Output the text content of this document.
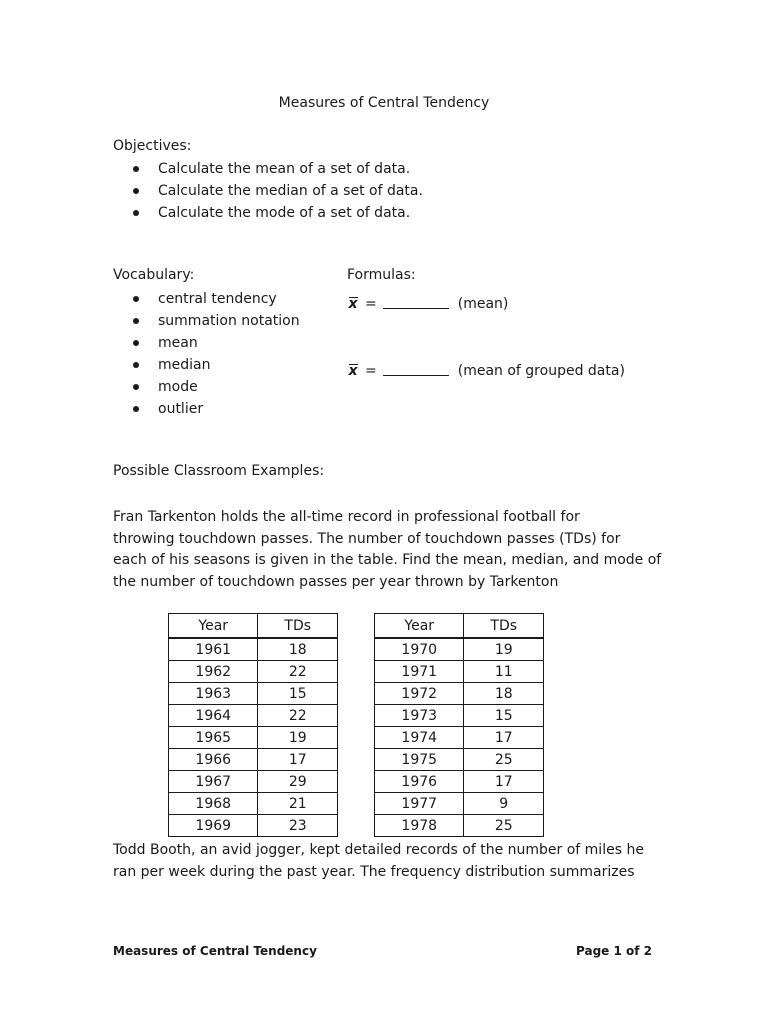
Measures of Central Tendency
Objectives:
Calculate the mean of a set of data.
Calculate the median of a set of data.
Calculate the mode of a set of data.
Vocabulary:
central tendency
summation notation
mean
median
mode
outlier
Formulas:
x =	(mean)
x =	(mean of grouped data)
Possible Classroom Examples:
Fran Tarkenton holds the all-time record in professional football for
throwing touchdown passes. The number of touchdown passes (TDs) for
each of his seasons is given in the table. Find the mean, median, and mode of
the number of touchdown passes per year thrown by Tarkenton
Year	TDs
1961	18
1962	22
1963	15
1964	22
1965	19
1966	17
1967	29
1968	21
1969	23
Year	TDs
1970	19
1971	11
1972	18
1973	15
1974	17
1975	25
1976	17
1977	9
1978	25
Todd Booth, an avid jogger, kept detailed records of the number of miles he
ran per week during the past year. The frequency distribution summarizes
Measures of Central Tendency	Page 1 of 2
